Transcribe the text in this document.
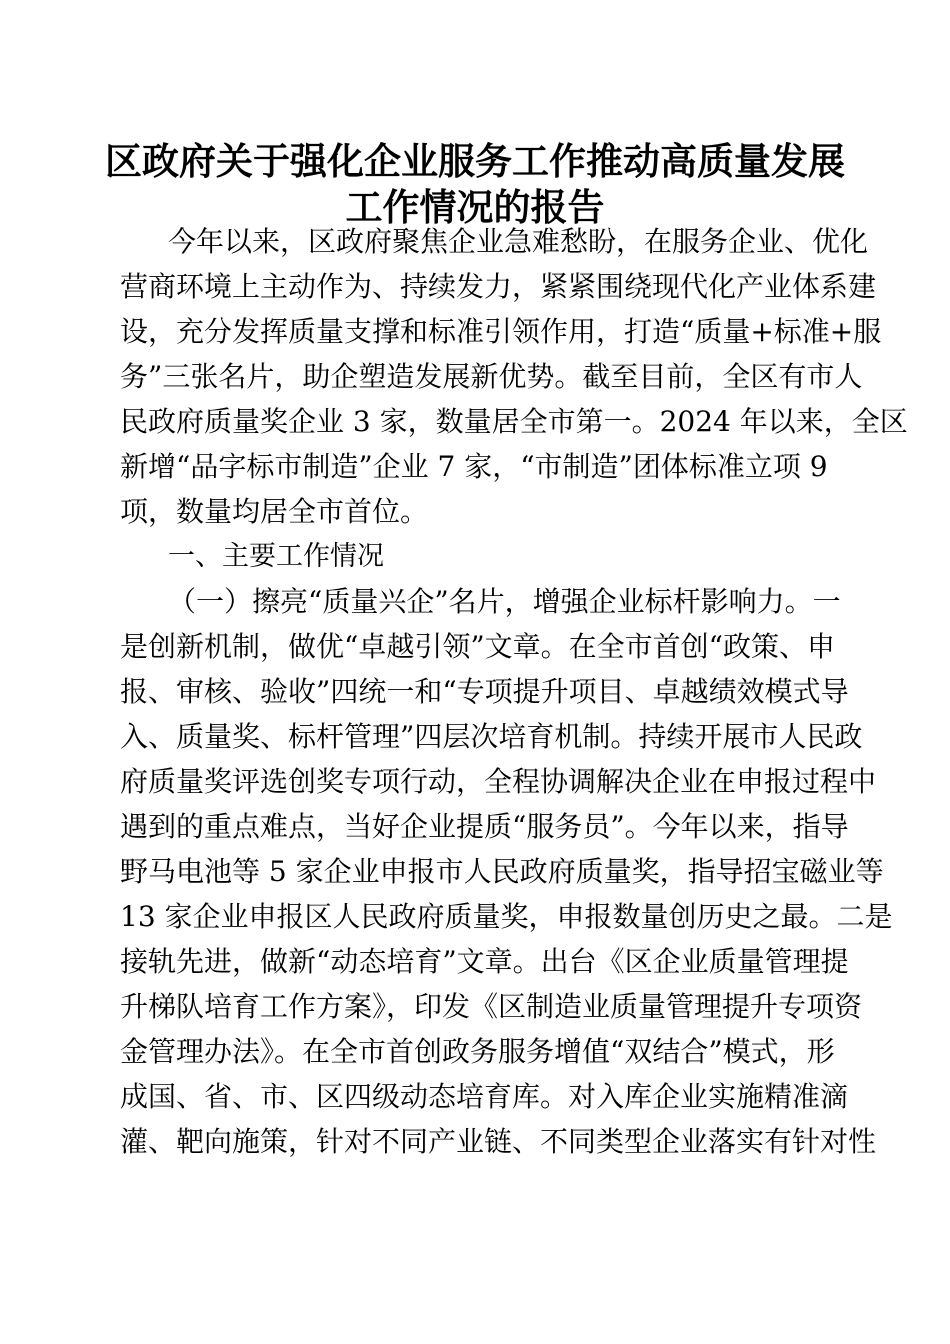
区政府关于强化企业服务工作推动高质量发展
工作情况的报告
今年以来，区政府聚焦企业急难愁盼，在服务企业、优化
营商环境上主动作为、持续发力，紧紧围绕现代化产业体系建
设，充分发挥质量支撑和标准引领作用，打造“质量+标准+服
务”三张名片，助企塑造发展新优势。截至目前，全区有市人
民政府质量奖企业 3 家，数量居全市第一。2024 年以来，全区
新增“品字标市制造”企业 7 家，“市制造”团体标准立项 9
项，数量均居全市首位。
一、主要工作情况
（一）擦亮“质量兴企”名片，增强企业标杆影响力。一
是创新机制，做优“卓越引领”文章。在全市首创“政策、申
报、审核、验收”四统一和“专项提升项目、卓越绩效模式导
入、质量奖、标杆管理”四层次培育机制。持续开展市人民政
府质量奖评选创奖专项行动，全程协调解决企业在申报过程中
遇到的重点难点，当好企业提质“服务员”。今年以来，指导
野马电池等 5 家企业申报市人民政府质量奖，指导招宝磁业等
13 家企业申报区人民政府质量奖，申报数量创历史之最。二是
接轨先进，做新“动态培育”文章。出台《区企业质量管理提
升梯队培育工作方案》，印发《区制造业质量管理提升专项资
金管理办法》。在全市首创政务服务增值“双结合”模式，形
成国、省、市、区四级动态培育库。对入库企业实施精准滴
灌、靶向施策，针对不同产业链、不同类型企业落实有针对性
